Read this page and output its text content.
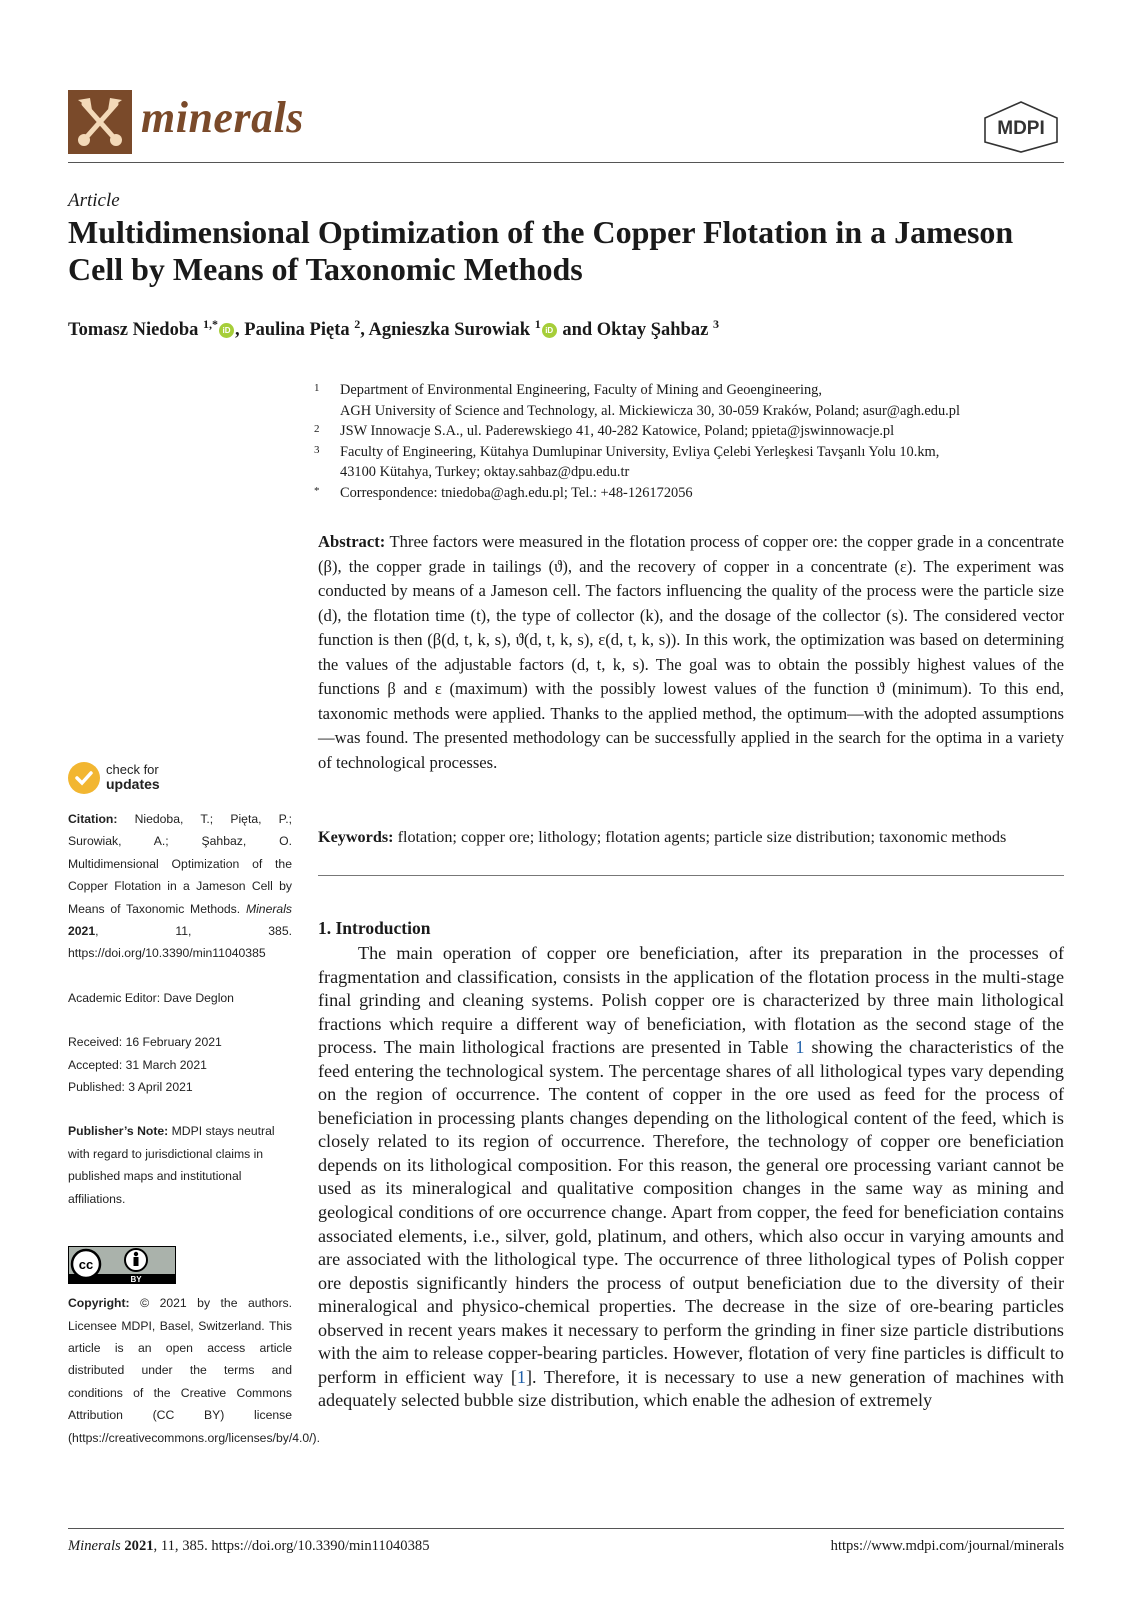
minerals	MDPI
Article
Multidimensional Optimization of the Copper Flotation in a Jameson Cell by Means of Taxonomic Methods
Tomasz Niedoba $^{1,*}$ iD , Paulina Pięta $^2$, Agnieszka Surowiak $^1$ iD and Oktay Şahbaz $^3$
1	Department of Environmental Engineering, Faculty of Mining and Geoengineering,
AGH University of Science and Technology, al. Mickiewicza 30, 30-059 Kraków, Poland; asur@agh.edu.pl
2	JSW Innowacje S.A., ul. Paderewskiego 41, 40-282 Katowice, Poland; ppieta@jswinnowacje.pl
3	Faculty of Engineering, Kütahya Dumlupinar University, Evliya Çelebi Yerleşkesi Tavşanlı Yolu 10.km,
43100 Kütahya, Turkey; oktay.sahbaz@dpu.edu.tr
*	Correspondence: tniedoba@agh.edu.pl; Tel.: +48-126172056
Abstract: Three factors were measured in the flotation process of copper ore: the copper grade in a concentrate (β), the copper grade in tailings (ϑ), and the recovery of copper in a concentrate (ε). The experiment was conducted by means of a Jameson cell. The factors influencing the quality of the process were the particle size (d), the flotation time (t), the type of collector (k), and the dosage of the collector (s). The considered vector function is then (β(d, t, k, s), ϑ(d, t, k, s), ε(d, t, k, s)). In this work, the optimization was based on determining the values of the adjustable factors (d, t, k, s). The goal was to obtain the possibly highest values of the functions β and ε (maximum) with the possibly lowest values of the function ϑ (minimum). To this end, taxonomic methods were applied. Thanks to the applied method, the optimum—with the adopted assumptions—was found. The presented methodology can be successfully applied in the search for the optima in a variety of technological processes.
Keywords: flotation; copper ore; lithology; flotation agents; particle size distribution; taxonomic methods
1. Introduction

The main operation of copper ore beneficiation, after its preparation in the processes of fragmentation and classification, consists in the application of the flotation process in the multi-stage final grinding and cleaning systems. Polish copper ore is characterized by three main lithological fractions which require a different way of beneficiation, with flotation as the second stage of the process. The main lithological fractions are presented in Table 1 showing the characteristics of the feed entering the technological system. The percentage shares of all lithological types vary depending on the region of occurrence. The content of copper in the ore used as feed for the process of beneficiation in processing plants changes depending on the lithological content of the feed, which is closely related to its region of occurrence. Therefore, the technology of copper ore beneficiation depends on its lithological composition. For this reason, the general ore processing variant cannot be used as its mineralogical and qualitative composition changes in the same way as mining and geological conditions of ore occurrence change. Apart from copper, the feed for beneficiation contains associated elements, i.e., silver, gold, platinum, and others, which also occur in varying amounts and are associated with the lithological type. The occurrence of three lithological types of Polish copper ore depostis significantly hinders the process of output beneficiation due to the diversity of their mineralogical and physico-chemical properties. The decrease in the size of ore-bearing particles observed in recent years makes it necessary to perform the grinding in finer size particle distributions with the aim to release copper-bearing particles. However, flotation of very fine particles is difficult to perform in efficient way [1]. Therefore, it is necessary to use a new generation of machines with adequately selected bubble size distribution, which enable the adhesion of extremely

check for
updates
Citation: Niedoba, T.; Pięta, P.; Surowiak, A.; Şahbaz, O. Multidimensional Optimization of the Copper Flotation in a Jameson Cell by Means of Taxonomic Methods. Minerals 2021, 11, 385. https://doi.org/10.3390/min11040385
Academic Editor: Dave Deglon
Received: 16 February 2021
Accepted: 31 March 2021
Published: 3 April 2021
Publisher’s Note: MDPI stays neutral with regard to jurisdictional claims in published maps and institutional affiliations.
Copyright: © 2021 by the authors. Licensee MDPI, Basel, Switzerland. This article is an open access article distributed under the terms and conditions of the Creative Commons Attribution (CC BY) license (https://creativecommons.org/licenses/by/4.0/).
cc
BY
Minerals 2021, 11, 385. https://doi.org/10.3390/min11040385	https://www.mdpi.com/journal/minerals
